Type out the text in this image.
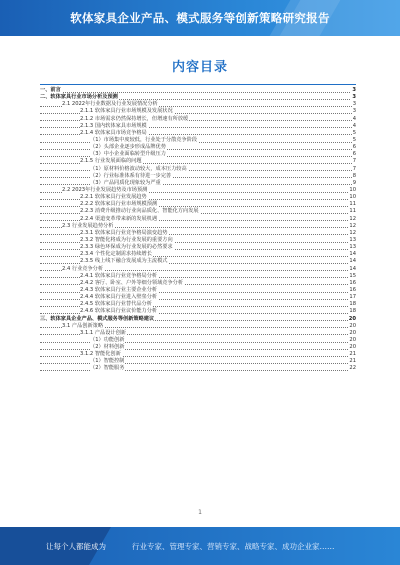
软体家具企业产品、模式服务等创新策略研究报告
内容目录
一、前言	3
二、软体家具行业市场分析及预测	3
2.1 2022年行业数据及行业发展情况分析	3
2.1.1 软体家具行业市场规模及发展状况	3
2.1.2 市场需求仍然保持增长，但增速有所放缓	4
2.1.3 国内软体家具市场规模	4
2.1.4 软体家具市场竞争格局	5
（1）市场集中度较低，行业处于分散竞争阶段	5
（2）头部企业逐步形成品牌优势	6
（3）中小企业面临转型升级压力	6
2.1.5 行业发展面临的问题	7
（1）原材料价格波动较大，成本压力较高	7
（2）行业标准体系有待进一步完善	8
（3）产品同质化现象较为严重	9
2.2 2023年行业发展趋势及市场预测	10
2.2.1 软体家具行业发展趋势	10
2.2.2 软体家具行业市场规模预测	11
2.2.3 消费升级推动行业向品质化、智能化方向发展	11
2.2.4 渠道变革带来新的发展机遇	12
2.3 行业发展趋势分析	12
2.3.1 软体家具行业竞争格局演变趋势	12
2.3.2 智能化将成为行业发展的重要方向	13
2.3.3 绿色环保成为行业发展的必然要求	13
2.3.4 个性化定制需求持续增长	14
2.3.5 线上线下融合发展成为主流模式	14
2.4 行业竞争分析	14
2.4.1 软体家具行业竞争格局分析	15
2.4.2 客厅、卧室、户外等细分领域竞争分析	16
2.4.3 软体家具行业主要企业分析	16
2.4.4 软体家具行业进入壁垒分析	17
2.4.5 软体家具行业替代品分析	18
2.4.6 软体家具行业议价能力分析	18
三、软体家具企业产品、模式服务等创新策略建议	20
3.1 产品创新策略	20
3.1.1 产品设计创新	20
（1）功能创新	20
（2）材料创新	20
3.1.2 智能化创新	21
（1）智能控制	21
（2）智能服务	22
1
让每个人都能成为	行业专家、管理专家、营销专家、战略专家、成功企业家……
